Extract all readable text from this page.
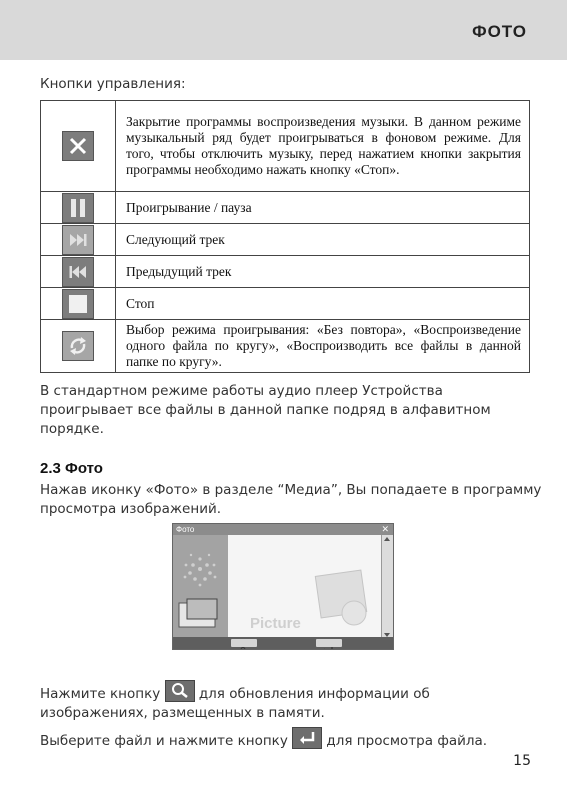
ФОТО
Кнопки управления:
	Закрытие программы воспроизведения музыки. В данном режиме музыкальный ряд будет проигрываться в фоновом режиме. Для того, чтобы отключить музыку, перед нажатием кнопки закрытия программы необходимо нажать кнопку «Стоп».
	Проигрывание / пауза
	Следующий трек
	Предыдущий трек
	Стоп
	Выбор режима проигрывания: «Без повтора», «Воспроизведение одного файла по кругу», «Воспроизводить все файлы в данной папке по кругу».
В стандартном режиме работы аудио плеер Устройства проигрывает все файлы в данной папке подряд в алфавитном порядке.
2.3 Фото
Нажав иконку «Фото» в разделе “Медиа”, Вы попадаете в программу просмотра изображений.
Фото	✕
Picture
Нажмите кнопку	для обновления информации об изображениях, размещенных в памяти.
Выберите файл и нажмите кнопку	для просмотра файла.
15
